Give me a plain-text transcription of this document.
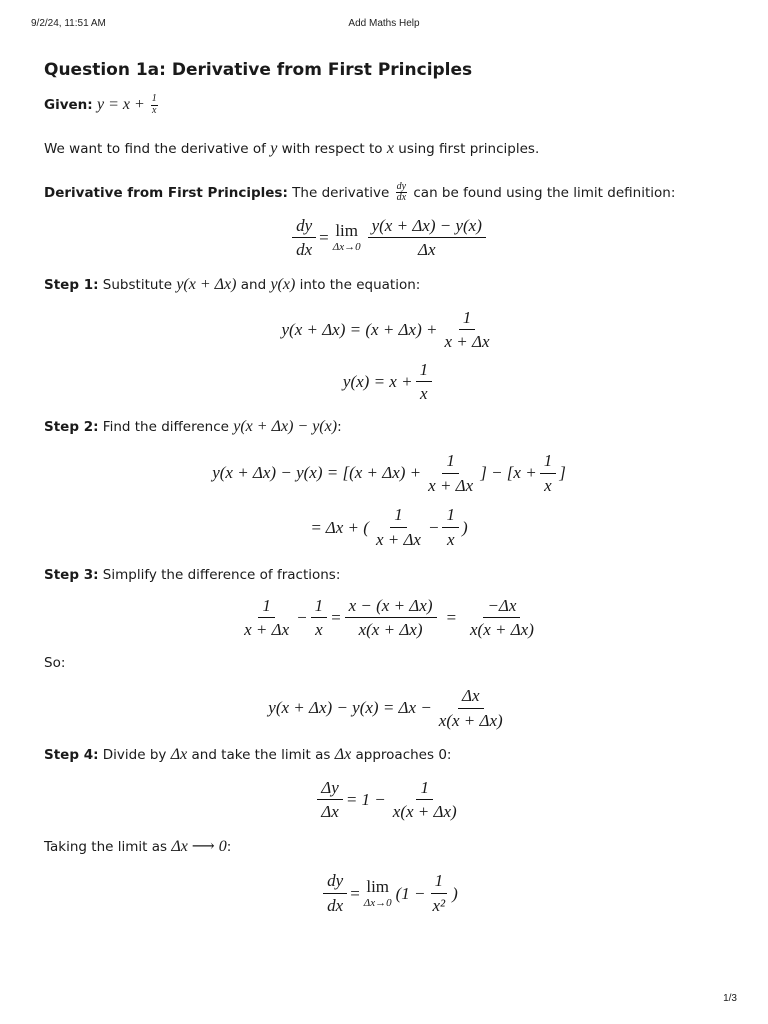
9/2/24, 11:51 AM	Add Maths Help
Question 1a: Derivative from First Principles

Given: $y = x + \frac{1}{x}$

We want to find the derivative of y with respect to x using first principles.

Derivative from First Principles: The derivative $\frac{dy}{dx}$ can be found using the limit definition:

$\frac{dy}{dx} = \lim$
$\Delta x\to 0 \frac{y(x + \Delta x) - y(x)}{\Delta x}$

Step 1: Substitute y(x + Δx) and y(x) into the equation:

$y(x + \Delta x) = (x + \Delta x) + \frac{1}{x + \Delta x}$
$y(x) = x + \frac{1}{x}$

Step 2: Find the difference y(x + Δx) − y(x):

$y(x + \Delta x) - y(x) = [(x + \Delta x) + \frac{1}{x + \Delta x}$ ] − [$x + \frac{1}{x}$ ]
= Δx + ( $\frac{1}{x + \Delta x} - \frac{1}{x}$ )

Step 3: Simplify the difference of fractions:

$\frac{1}{x + \Delta x} - \frac{1}{x} = \frac{x - (x + \Delta x)}{x(x + \Delta x)} = \frac{-\Delta x}{x(x + \Delta x)}$

So:

$y(x + \Delta x) - y(x) = \Delta x - \frac{\Delta x}{x(x + \Delta x)}$

Step 4: Divide by Δx and take the limit as Δx approaches 0:

$\frac{\Delta y}{\Delta x} = 1 - \frac{1}{x(x + \Delta x)}$

Taking the limit as Δx ⟶ 0:

$\frac{dy}{dx} = \lim$
Δx→0
($1 - \frac{1}{\text{x²}}$ )
1/3
